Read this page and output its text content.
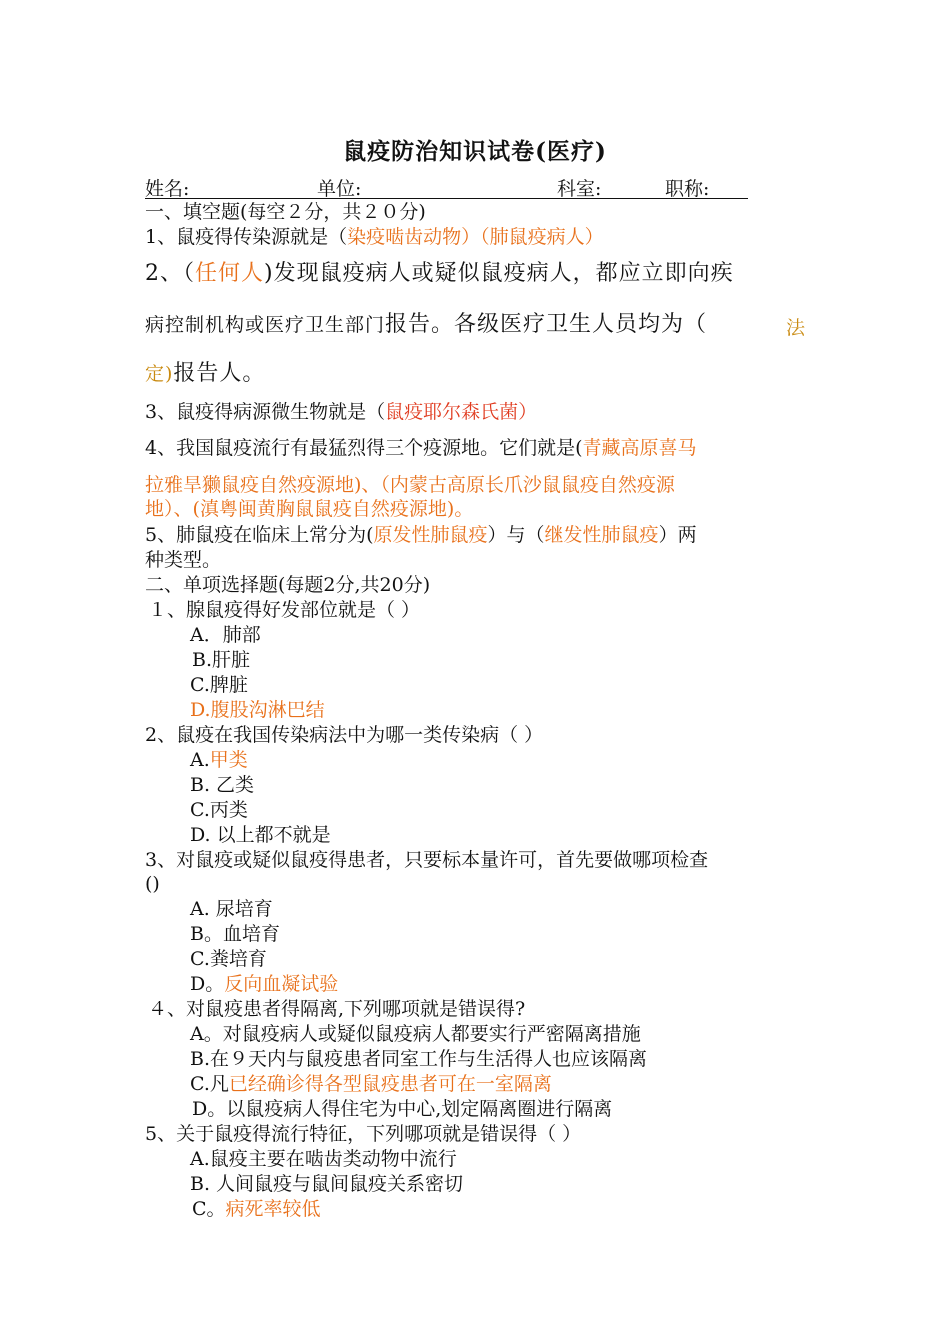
鼠疫防治知识试卷(医疗)
姓名:	单位:	科室:	职称:
一、填空题(每空２分，共２０分)
1、鼠疫得传染源就是（染疫啮齿动物）（肺鼠疫病人）
2、（任何人)发现鼠疫病人或疑似鼠疫病人，都应立即向疾
病控制机构或医疗卫生部门报告。各级医疗卫生人员均为（	法
定)报告人。
3、鼠疫得病源微生物就是（鼠疫耶尔森氏菌）
4、我国鼠疫流行有最猛烈得三个疫源地。它们就是(青藏高原喜马
拉雅旱獭鼠疫自然疫源地)、（内蒙古高原长爪沙鼠鼠疫自然疫源
地）、(滇粤闽黄胸鼠鼠疫自然疫源地)。
5、肺鼠疫在临床上常分为(原发性肺鼠疫）与（继发性肺鼠疫）两
种类型。
二、单项选择题(每题2分,共20分)
１、腺鼠疫得好发部位就是（ ）
A．肺部
B.肝脏
C.脾脏
D.腹股沟淋巴结
2、鼠疫在我国传染病法中为哪一类传染病（ ）
A.甲类
B. 乙类
C.丙类
D. 以上都不就是
3、对鼠疫或疑似鼠疫得患者，只要标本量许可，首先要做哪项检查
()
A. 尿培育
B。血培育
C.粪培育
D。反向血凝试验
４、对鼠疫患者得隔离,下列哪项就是错误得?
A。对鼠疫病人或疑似鼠疫病人都要实行严密隔离措施
B.在９天内与鼠疫患者同室工作与生活得人也应该隔离
C.凡已经确诊得各型鼠疫患者可在一室隔离
D。以鼠疫病人得住宅为中心,划定隔离圈进行隔离
5、关于鼠疫得流行特征，下列哪项就是错误得（ ）
A.鼠疫主要在啮齿类动物中流行
B. 人间鼠疫与鼠间鼠疫关系密切
C。病死率较低
